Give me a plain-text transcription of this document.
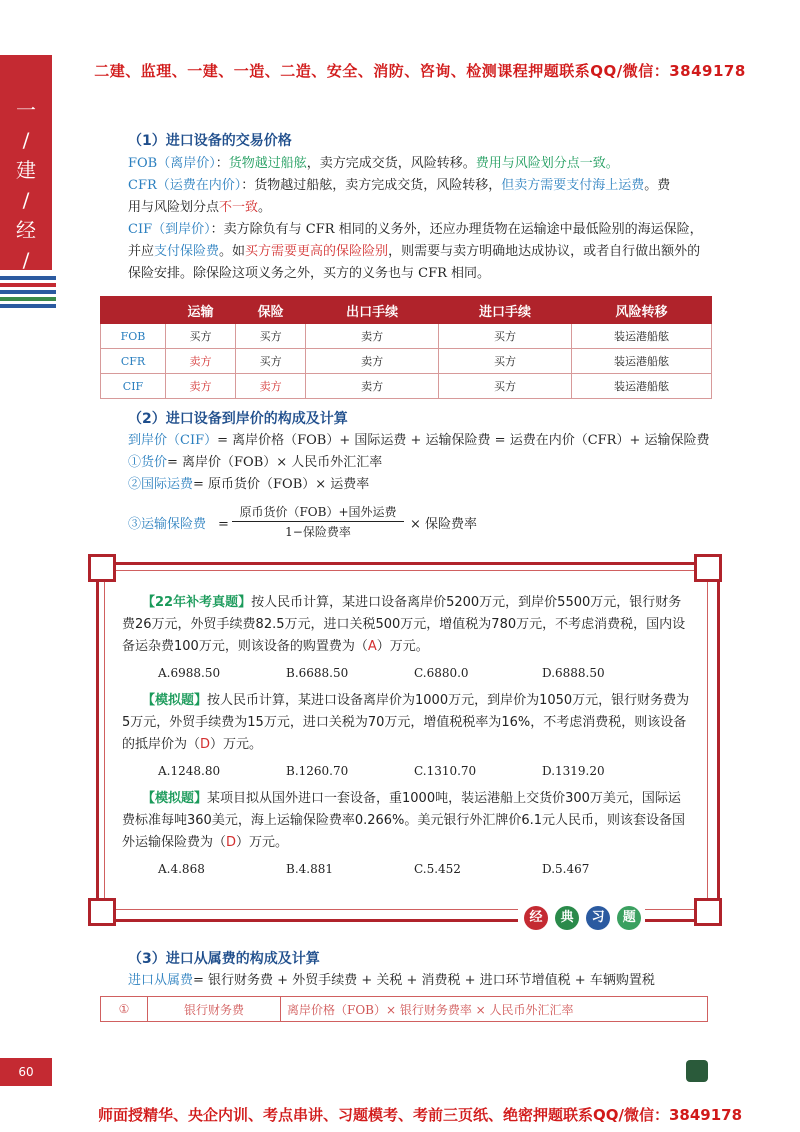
二建、监理、一建、一造、二造、安全、消防、咨询、检测课程押题联系QQ/微信：3849178
一
/
建
/
经
/
（1）进口设备的交易价格
FOB（离岸价）：货物越过船舷，卖方完成交货，风险转移。费用与风险划分点一致。
CFR（运费在内价）：货物越过船舷，卖方完成交货，风险转移，但卖方需要支付海上运费。费
用与风险划分点不一致。
CIF（到岸价）：卖方除负有与 CFR 相同的义务外，还应办理货物在运输途中最低险别的海运保险，
并应支付保险费。如买方需要更高的保险险别，则需要与卖方明确地达成协议，或者自行做出额外的
保险安排。除保险这项义务之外，买方的义务也与 CFR 相同。
	运输	保险	出口手续	进口手续	风险转移
FOB	买方	买方	卖方	买方	装运港船舷
CFR	卖方	买方	卖方	买方	装运港船舷
CIF	卖方	卖方	卖方	买方	装运港船舷
（2）进口设备到岸价的构成及计算
到岸价（CIF）= 离岸价格（FOB）+ 国际运费 + 运输保险费 = 运费在内价（CFR）+ 运输保险费
①货价= 离岸价（FOB）× 人民币外汇汇率
②国际运费= 原币货价（FOB）× 运费率
③运输保险费 =
原币货价（FOB）+国外运费
1−保险费率	× 保险费率
【22年补考真题】按人民币计算，某进口设备离岸价5200万元，到岸价5500万元，银行财务费26万元，外贸手续费82.5万元，进口关税500万元，增值税为780万元，不考虑消费税，国内设备运杂费100万元，则该设备的购置费为（A）万元。
A.6988.50	B.6688.50	C.6880.0	D.6888.50
【模拟题】按人民币计算，某进口设备离岸价为1000万元，到岸价为1050万元，银行财务费为5万元，外贸手续费为15万元，进口关税为70万元，增值税税率为16%，不考虑消费税，则该设备的抵岸价为（D）万元。
A.1248.80	B.1260.70	C.1310.70	D.1319.20
【模拟题】某项目拟从国外进口一套设备，重1000吨，装运港船上交货价300万美元，国际运费标准每吨360美元，海上运输保险费率0.266%。美元银行外汇牌价6.1元人民币，则该套设备国外运输保险费为（D）万元。
A.4.868	B.4.881	C.5.452	D.5.467
经 典 习 题
（3）进口从属费的构成及计算
进口从属费= 银行财务费 + 外贸手续费 + 关税 + 消费税 + 进口环节增值税 + 车辆购置税
①	银行财务费	离岸价格（FOB）× 银行财务费率 × 人民币外汇汇率
60
师面授精华、央企内训、考点串讲、习题模考、考前三页纸、绝密押题联系QQ/微信：3849178
